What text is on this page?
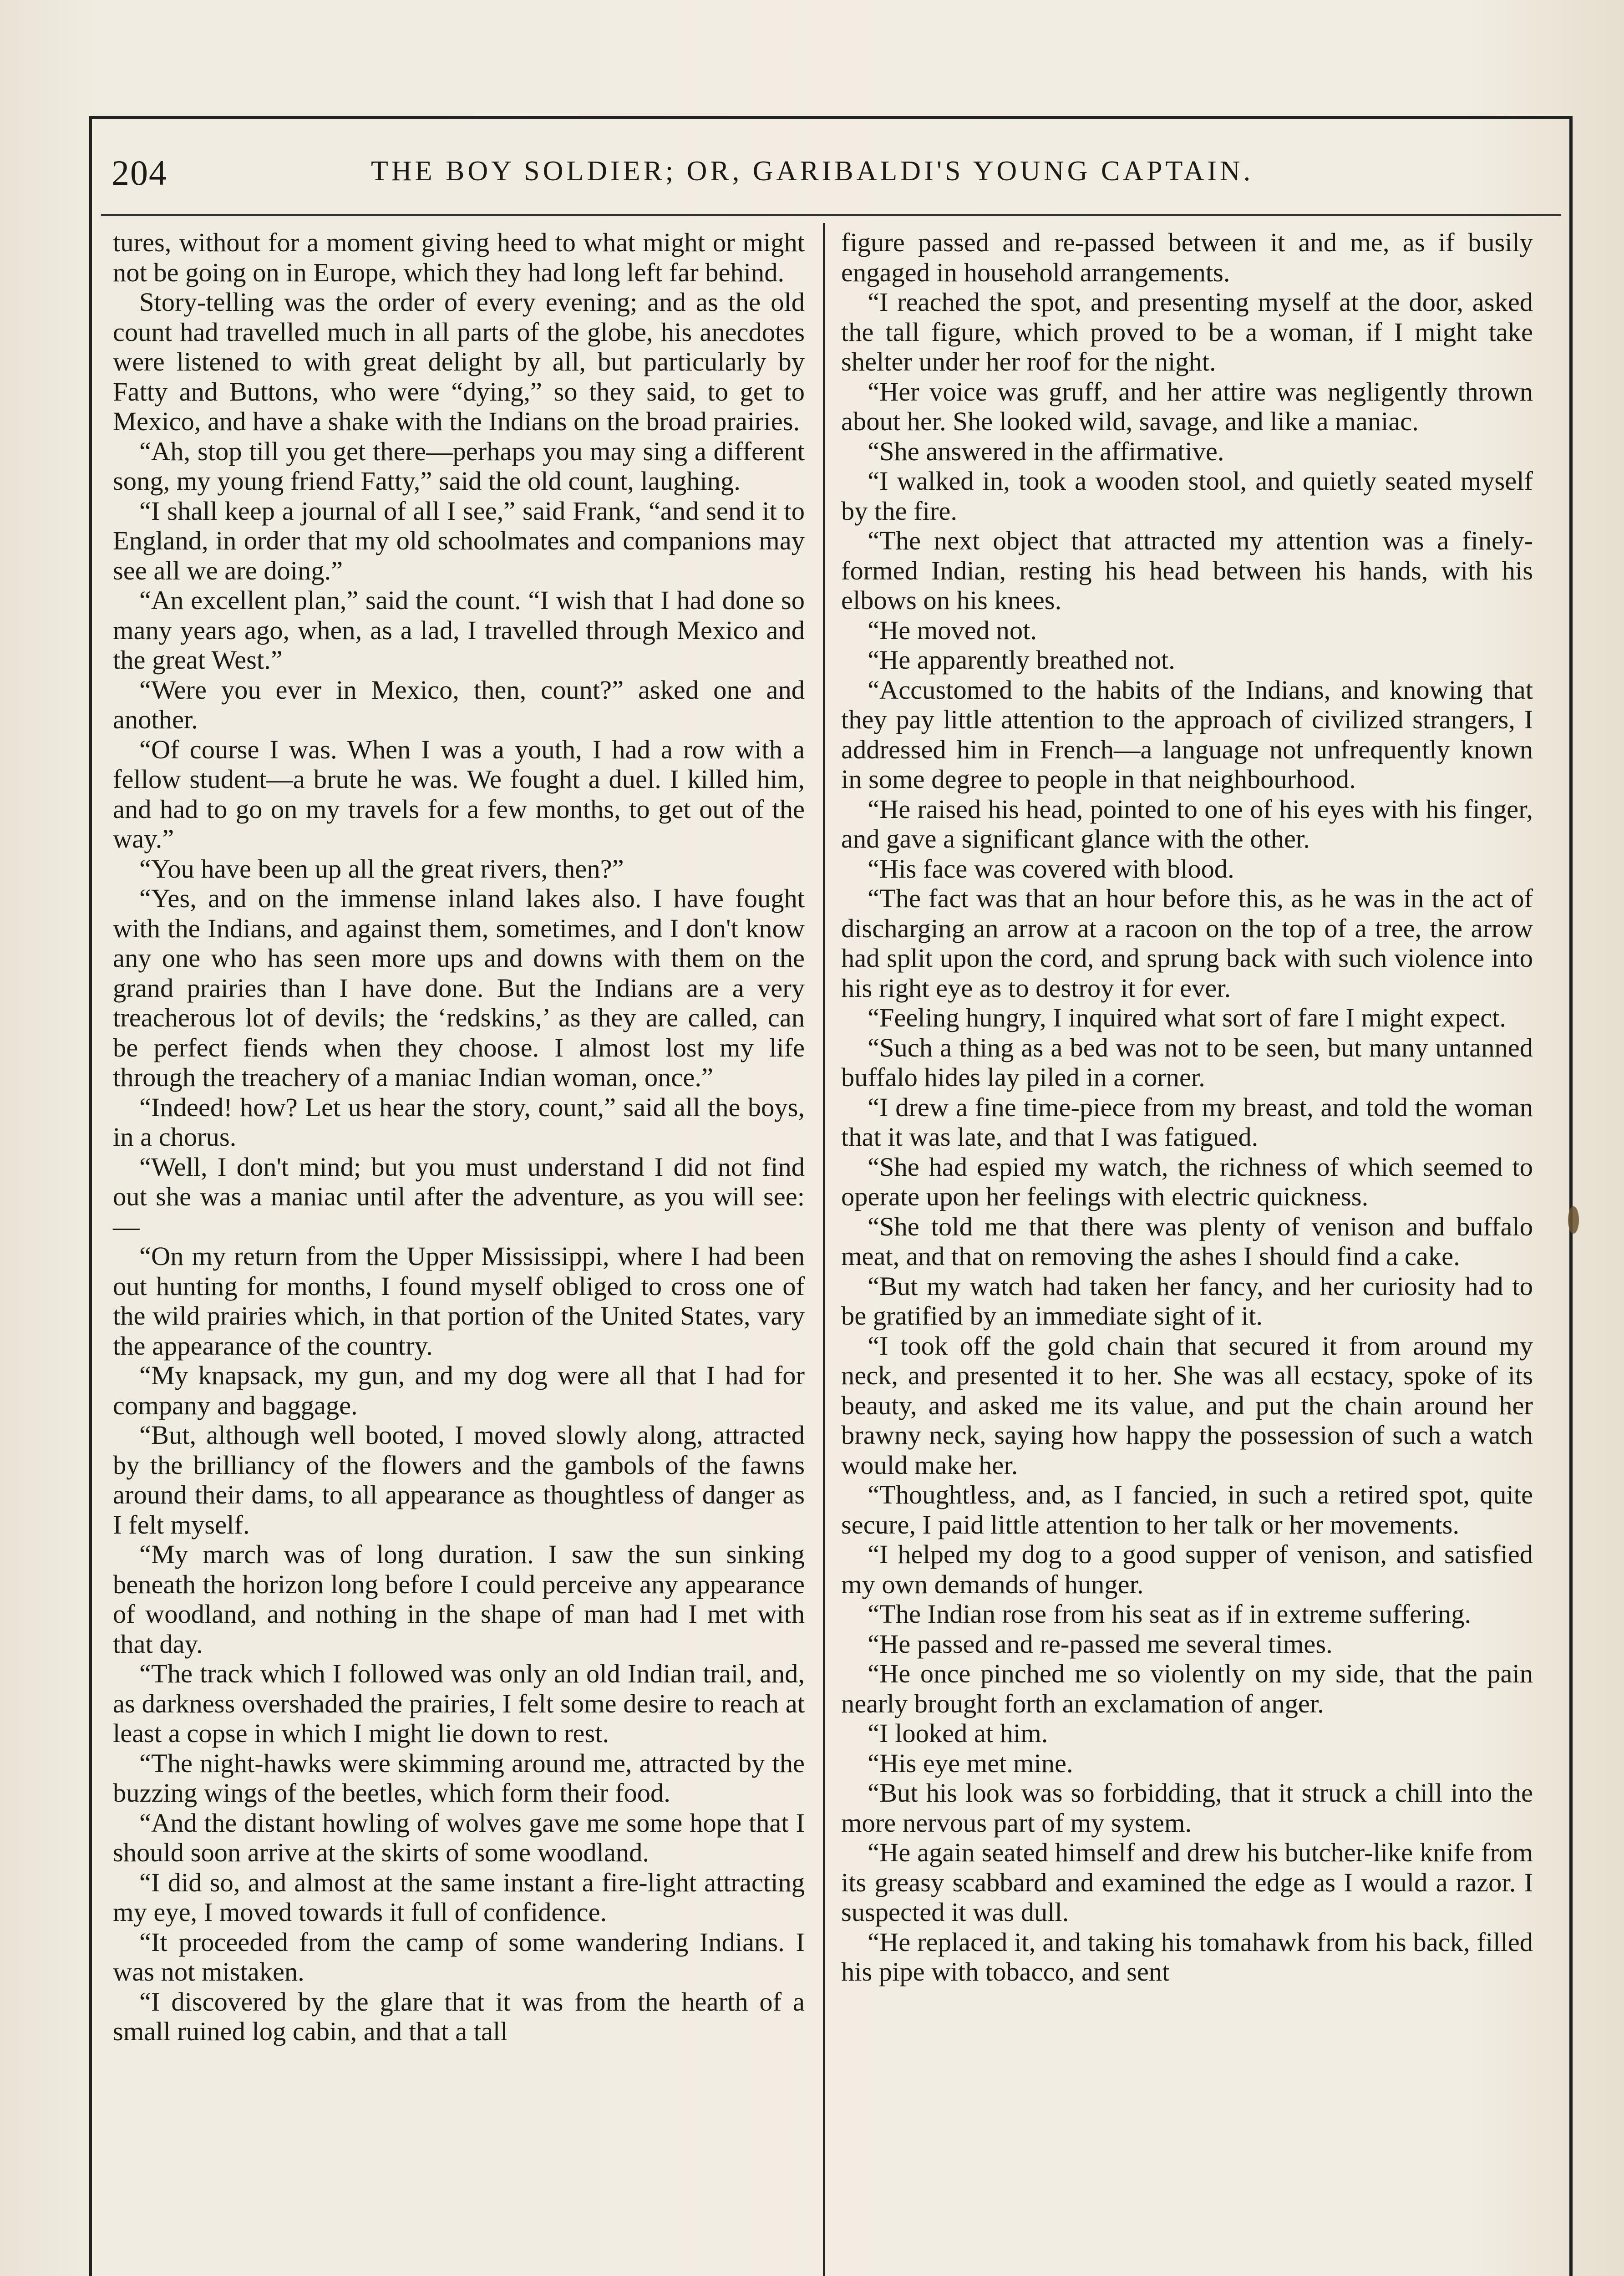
204	THE BOY SOLDIER; OR, GARIBALDI'S YOUNG CAPTAIN.

tures, without for a moment giving heed to what might or might not be going on in Europe, which they had long left far behind.

Story-telling was the order of every evening; and as the old count had travelled much in all parts of the globe, his anecdotes were listened to with great delight by all, but particularly by Fatty and Buttons, who were “dying,” so they said, to get to Mexico, and have a shake with the Indians on the broad prairies.

“Ah, stop till you get there—perhaps you may sing a different song, my young friend Fatty,” said the old count, laughing.

“I shall keep a journal of all I see,” said Frank, “and send it to England, in order that my old schoolmates and companions may see all we are doing.”

“An excellent plan,” said the count. “I wish that I had done so many years ago, when, as a lad, I travelled through Mexico and the great West.”

“Were you ever in Mexico, then, count?” asked one and another.

“Of course I was. When I was a youth, I had a row with a fellow student—a brute he was. We fought a duel. I killed him, and had to go on my travels for a few months, to get out of the way.”

“You have been up all the great rivers, then?”

“Yes, and on the immense inland lakes also. I have fought with the Indians, and against them, sometimes, and I don't know any one who has seen more ups and downs with them on the grand prairies than I have done. But the Indians are a very treacherous lot of devils; the ‘redskins,’ as they are called, can be perfect fiends when they choose. I almost lost my life through the treachery of a maniac Indian woman, once.”

“Indeed! how? Let us hear the story, count,” said all the boys, in a chorus.

“Well, I don't mind; but you must understand I did not find out she was a maniac until after the adventure, as you will see:—

“On my return from the Upper Mississippi, where I had been out hunting for months, I found myself obliged to cross one of the wild prairies which, in that portion of the United States, vary the appearance of the country.

“My knapsack, my gun, and my dog were all that I had for company and baggage.

“But, although well booted, I moved slowly along, attracted by the brilliancy of the flowers and the gambols of the fawns around their dams, to all appearance as thoughtless of danger as I felt myself.

“My march was of long duration. I saw the sun sinking beneath the horizon long before I could perceive any appearance of woodland, and nothing in the shape of man had I met with that day.

“The track which I followed was only an old Indian trail, and, as darkness overshaded the prairies, I felt some desire to reach at least a copse in which I might lie down to rest.

“The night-hawks were skimming around me, attracted by the buzzing wings of the beetles, which form their food.

“And the distant howling of wolves gave me some hope that I should soon arrive at the skirts of some woodland.

“I did so, and almost at the same instant a fire-light attracting my eye, I moved towards it full of confidence.

“It proceeded from the camp of some wandering Indians. I was not mistaken.

“I discovered by the glare that it was from the hearth of a small ruined log cabin, and that a tall

figure passed and re-passed between it and me, as if busily engaged in household arrangements.

“I reached the spot, and presenting myself at the door, asked the tall figure, which proved to be a woman, if I might take shelter under her roof for the night.

“Her voice was gruff, and her attire was negligently thrown about her. She looked wild, savage, and like a maniac.

“She answered in the affirmative.

“I walked in, took a wooden stool, and quietly seated myself by the fire.

“The next object that attracted my attention was a finely-formed Indian, resting his head between his hands, with his elbows on his knees.

“He moved not.

“He apparently breathed not.

“Accustomed to the habits of the Indians, and knowing that they pay little attention to the approach of civilized strangers, I addressed him in French—a language not unfrequently known in some degree to people in that neighbourhood.

“He raised his head, pointed to one of his eyes with his finger, and gave a significant glance with the other.

“His face was covered with blood.

“The fact was that an hour before this, as he was in the act of discharging an arrow at a racoon on the top of a tree, the arrow had split upon the cord, and sprung back with such violence into his right eye as to destroy it for ever.

“Feeling hungry, I inquired what sort of fare I might expect.

“Such a thing as a bed was not to be seen, but many untanned buffalo hides lay piled in a corner.

“I drew a fine time-piece from my breast, and told the woman that it was late, and that I was fatigued.

“She had espied my watch, the richness of which seemed to operate upon her feelings with electric quickness.

“She told me that there was plenty of venison and buffalo meat, and that on removing the ashes I should find a cake.

“But my watch had taken her fancy, and her curiosity had to be gratified by an immediate sight of it.

“I took off the gold chain that secured it from around my neck, and presented it to her. She was all ecstacy, spoke of its beauty, and asked me its value, and put the chain around her brawny neck, saying how happy the possession of such a watch would make her.

“Thoughtless, and, as I fancied, in such a retired spot, quite secure, I paid little attention to her talk or her movements.

“I helped my dog to a good supper of venison, and satisfied my own demands of hunger.

“The Indian rose from his seat as if in extreme suffering.

“He passed and re-passed me several times.

“He once pinched me so violently on my side, that the pain nearly brought forth an exclamation of anger.

“I looked at him.

“His eye met mine.

“But his look was so forbidding, that it struck a chill into the more nervous part of my system.

“He again seated himself and drew his butcher-like knife from its greasy scabbard and examined the edge as I would a razor. I suspected it was dull.

“He replaced it, and taking his tomahawk from his back, filled his pipe with tobacco, and sent
